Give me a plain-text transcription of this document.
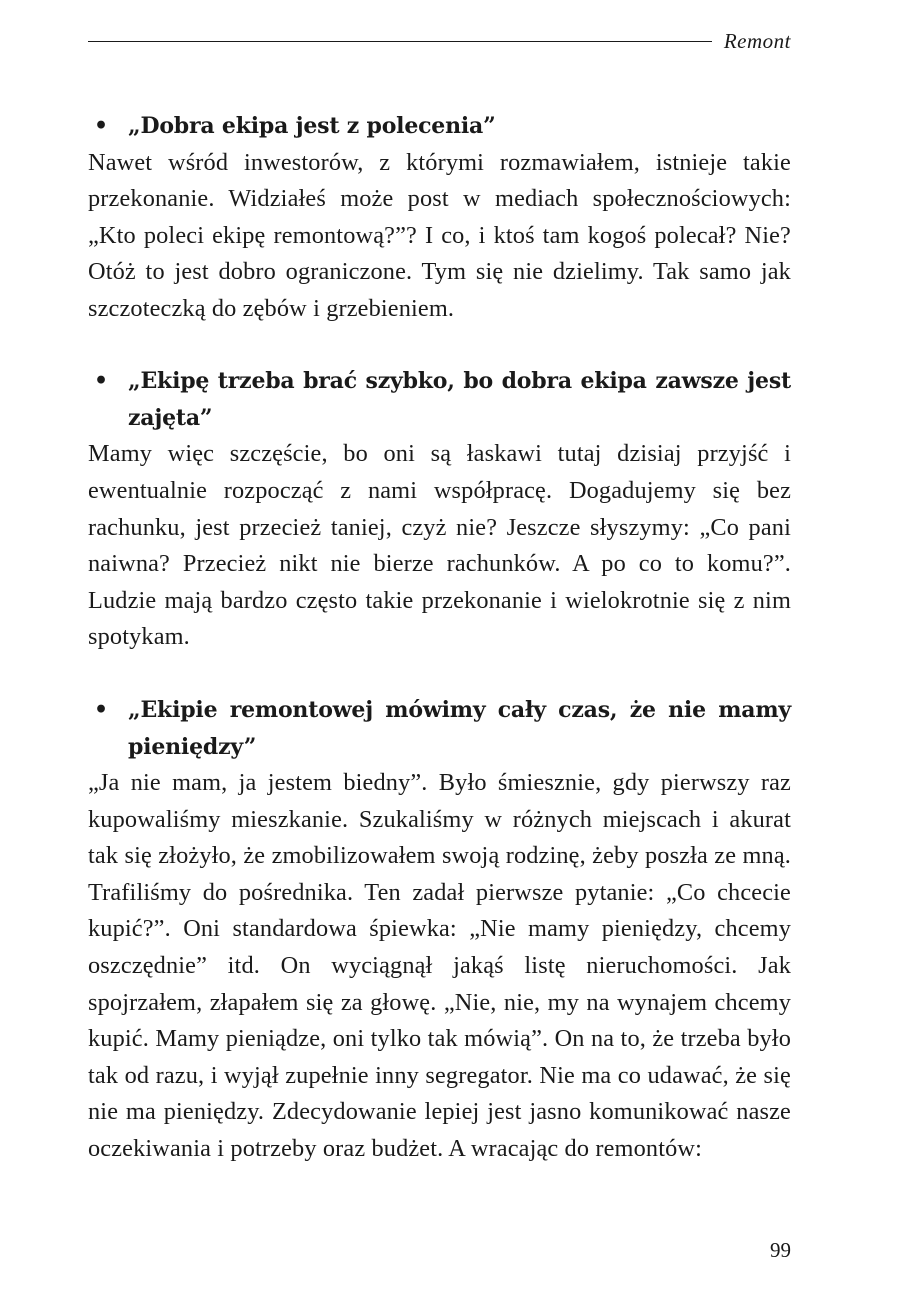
Remont
• „Dobra ekipa jest z polecenia”

Nawet wśród inwestorów, z którymi rozmawiałem, istnieje takie przekonanie. Widziałeś może post w mediach społecznościowych: „Kto poleci ekipę remontową?”? I co, i ktoś tam kogoś polecał? Nie? Otóż to jest dobro ograniczone. Tym się nie dzielimy. Tak samo jak szczoteczką do zębów i grzebieniem.

• „Ekipę trzeba brać szybko, bo dobra ekipa zawsze jest zajęta”

Mamy więc szczęście, bo oni są łaskawi tutaj dzisiaj przyjść i ewentualnie rozpocząć z nami współpracę. Dogadujemy się bez rachunku, jest przecież taniej, czyż nie? Jeszcze słyszymy: „Co pani naiwna? Przecież nikt nie bierze rachunków. A po co to komu?”. Ludzie mają bardzo często takie przekonanie i wielokrotnie się z nim spotykam.

• „Ekipie remontowej mówimy cały czas, że nie mamy pieniędzy”

„Ja nie mam, ja jestem biedny”. Było śmiesznie, gdy pierwszy raz kupowaliśmy mieszkanie. Szukaliśmy w różnych miejscach i akurat tak się złożyło, że zmobilizowałem swoją rodzinę, żeby poszła ze mną. Trafiliśmy do pośrednika. Ten zadał pierwsze pytanie: „Co chcecie kupić?”. Oni standardowa śpiewka: „Nie mamy pieniędzy, chcemy oszczędnie” itd. On wyciągnął jakąś listę nieruchomości. Jak spojrzałem, złapałem się za głowę. „Nie, nie, my na wynajem chcemy kupić. Mamy pieniądze, oni tylko tak mówią”. On na to, że trzeba było tak od razu, i wyjął zupełnie inny segregator. Nie ma co udawać, że się nie ma pieniędzy. Zdecydowanie lepiej jest jasno komunikować nasze oczekiwania i potrzeby oraz budżet. A wracając do remontów:

99
